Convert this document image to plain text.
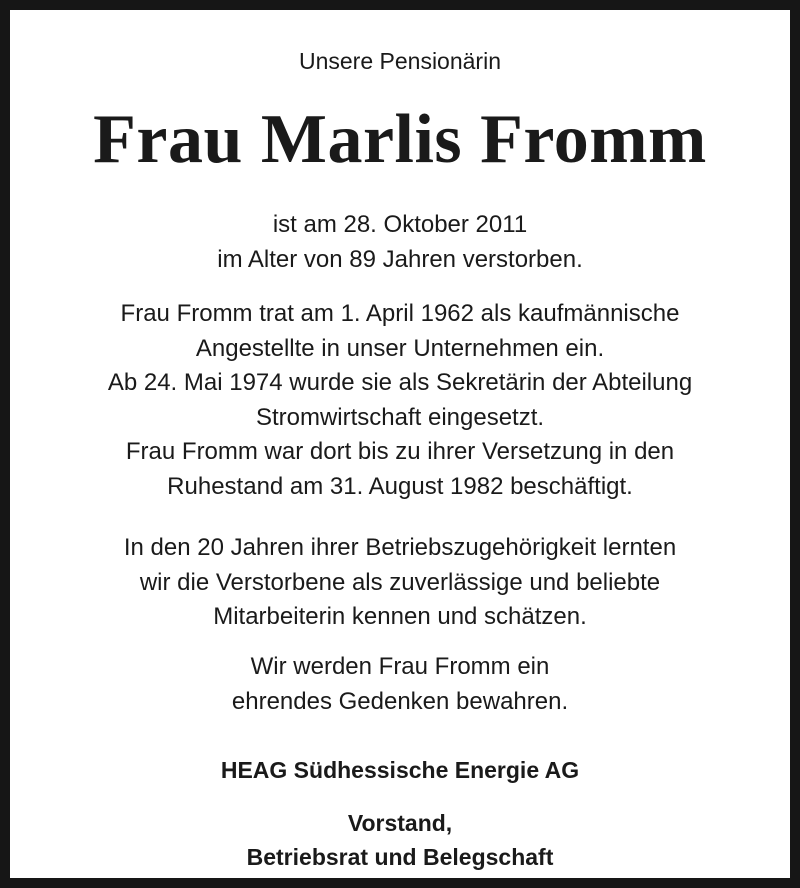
Unsere Pensionärin
Frau Marlis Fromm
ist am 28. Oktober 2011
im Alter von 89 Jahren verstorben.
Frau Fromm trat am 1. April 1962 als kaufmännische
Angestellte in unser Unternehmen ein.
Ab 24. Mai 1974 wurde sie als Sekretärin der Abteilung
Stromwirtschaft eingesetzt.
Frau Fromm war dort bis zu ihrer Versetzung in den
Ruhestand am 31. August 1982 beschäftigt.
In den 20 Jahren ihrer Betriebszugehörigkeit lernten
wir die Verstorbene als zuverlässige und beliebte
Mitarbeiterin kennen und schätzen.
Wir werden Frau Fromm ein
ehrendes Gedenken bewahren.
HEAG Südhessische Energie AG
Vorstand,
Betriebsrat und Belegschaft
